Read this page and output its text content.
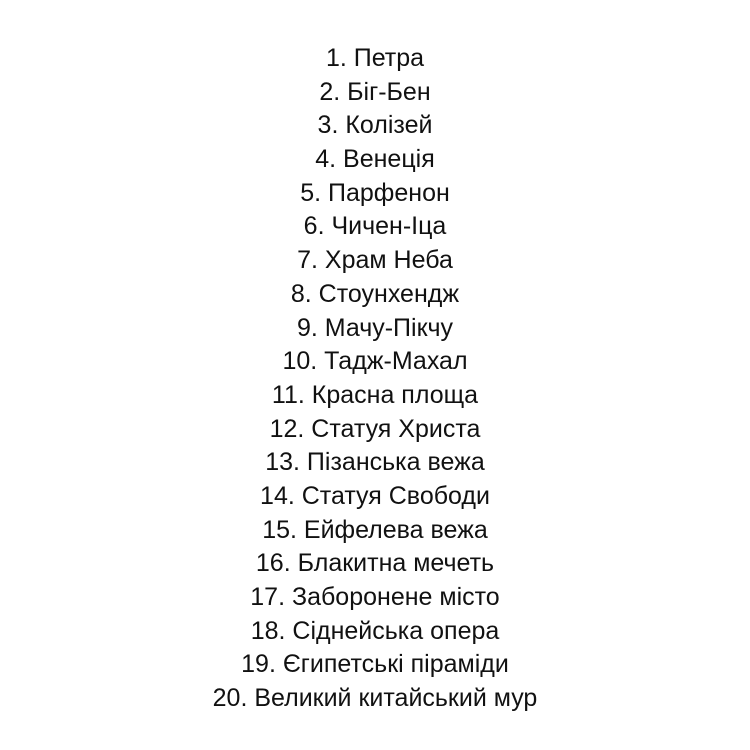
1. Петра
2. Біг-Бен
3. Колізей
4. Венеція
5. Парфенон
6. Чичен-Іца
7. Храм Неба
8. Стоунхендж
9. Мачу-Пікчу
10. Тадж-Махал
11. Красна площа
12. Статуя Христа
13. Пізанська вежа
14. Статуя Свободи
15. Ейфелева вежа
16. Блакитна мечеть
17. Заборонене місто
18. Сіднейська опера
19. Єгипетські піраміди
20. Великий китайський мур
